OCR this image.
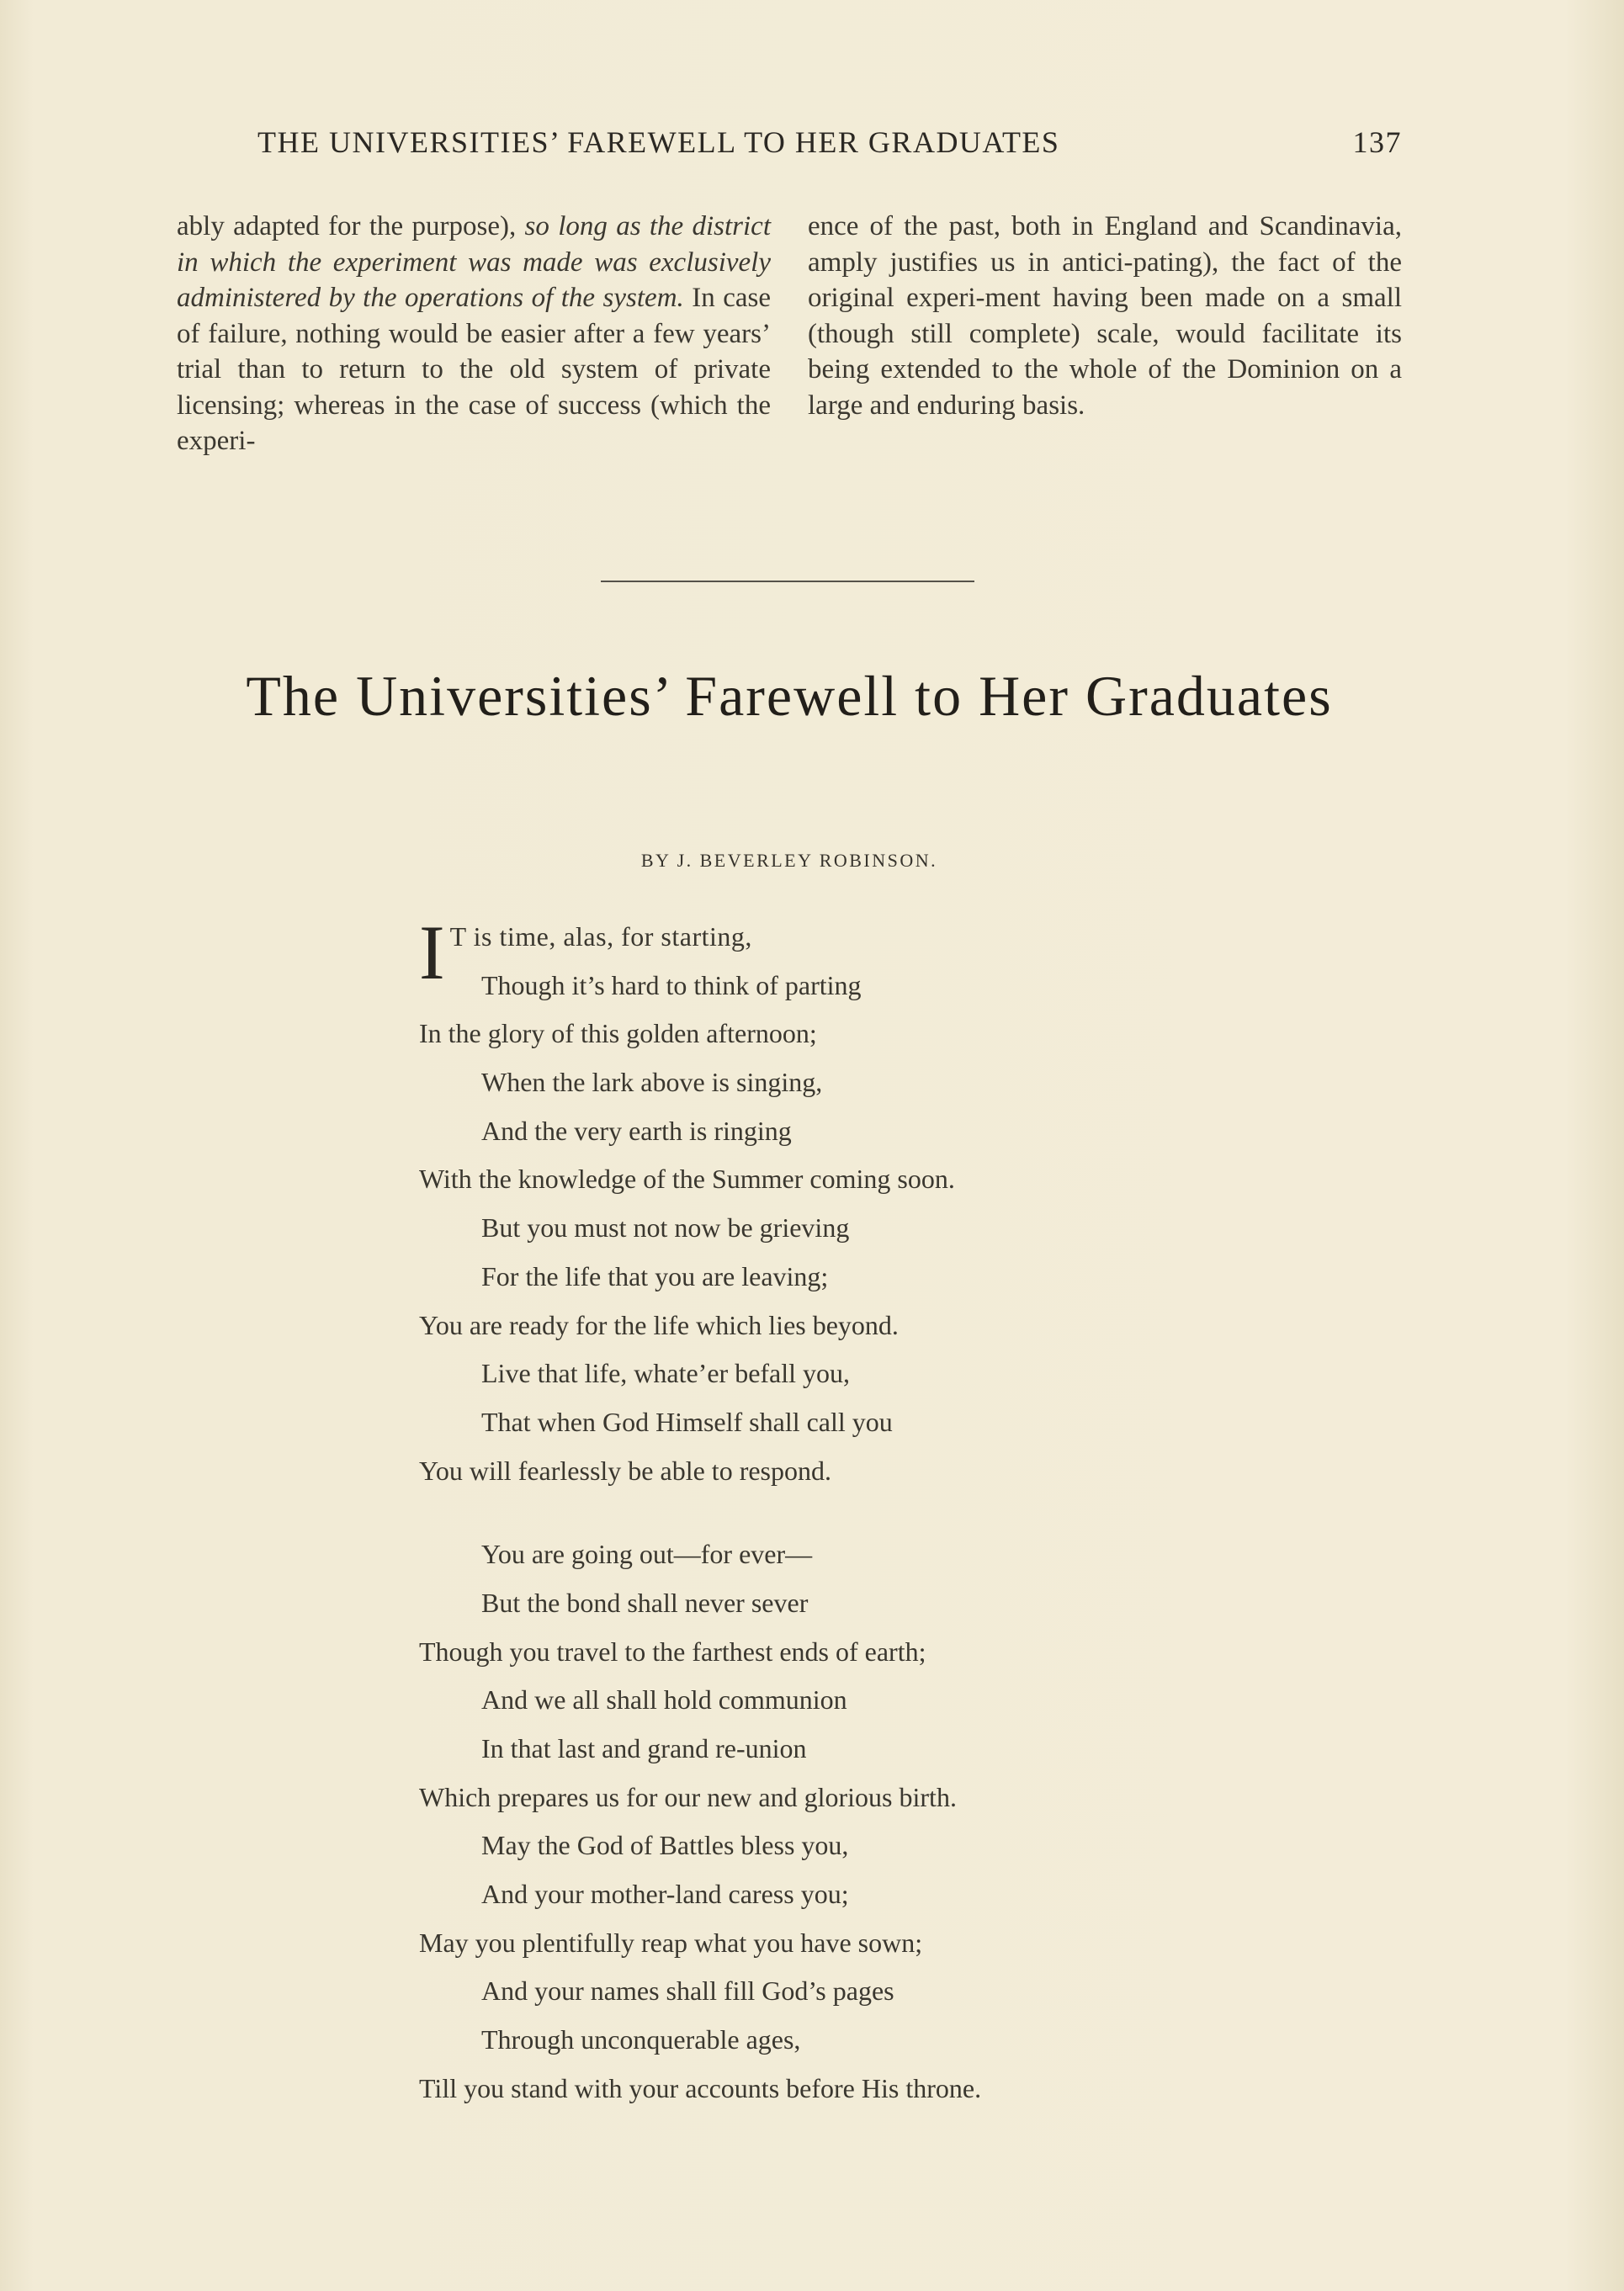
THE UNIVERSITIES’ FAREWELL TO HER GRADUATES	137

ably adapted for the purpose), so long as the district in which the experiment was made was exclusively administered by the operations of the system. In case of failure, nothing would be easier after a few years’ trial than to return to the old system of private licensing; whereas in the case of success (which the experi-

ence of the past, both in England and Scandinavia, amply justifies us in antici-pating), the fact of the original experi-ment having been made on a small (though still complete) scale, would facilitate its being extended to the whole of the Dominion on a large and enduring basis.

The Universities’ Farewell to Her Graduates
BY J. BEVERLEY ROBINSON.
I T is time, alas, for starting,
Though it’s hard to think of parting
In the glory of this golden afternoon;
When the lark above is singing,
And the very earth is ringing
With the knowledge of the Summer coming soon.
But you must not now be grieving
For the life that you are leaving;
You are ready for the life which lies beyond.
Live that life, whate’er befall you,
That when God Himself shall call you
You will fearlessly be able to respond.
You are going out—for ever—
But the bond shall never sever
Though you travel to the farthest ends of earth;
And we all shall hold communion
In that last and grand re-union
Which prepares us for our new and glorious birth.
May the God of Battles bless you,
And your mother-land caress you;
May you plentifully reap what you have sown;
And your names shall fill God’s pages
Through unconquerable ages,
Till you stand with your accounts before His throne.
